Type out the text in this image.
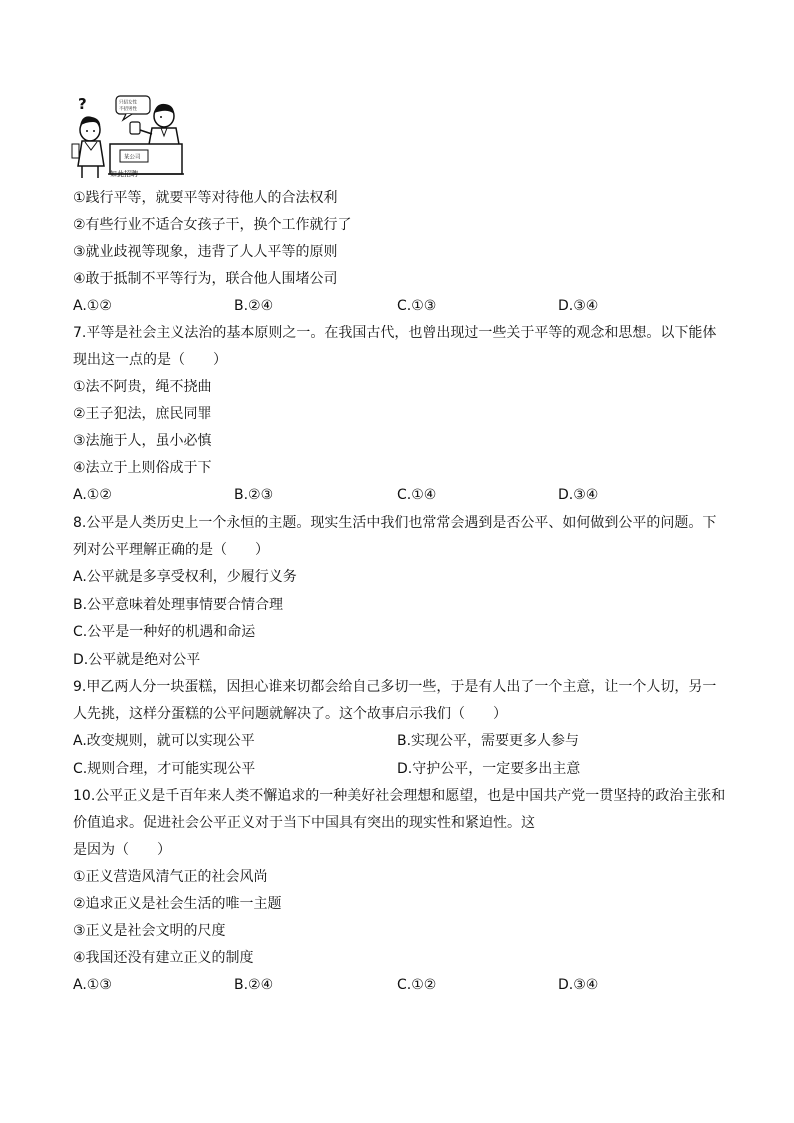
?	只招女性
不招男性
某公司
如此招聘
①践行平等，就要平等对待他人的合法权利
②有些行业不适合女孩子干，换个工作就行了
③就业歧视等现象，违背了人人平等的原则
④敢于抵制不平等行为，联合他人围堵公司
A.①②	B.②④	C.①③	D.③④
7.平等是社会主义法治的基本原则之一。在我国古代，也曾出现过一些关于平等的观念和思想。以下能体
现出这一点的是（　　）
①法不阿贵，绳不挠曲
②王子犯法，庶民同罪
③法施于人，虽小必慎
④法立于上则俗成于下
A.①②	B.②③	C.①④	D.③④
8.公平是人类历史上一个永恒的主题。现实生活中我们也常常会遇到是否公平、如何做到公平的问题。下
列对公平理解正确的是（　　）
A.公平就是多享受权利，少履行义务
B.公平意味着处理事情要合情合理
C.公平是一种好的机遇和命运
D.公平就是绝对公平
9.甲乙两人分一块蛋糕，因担心谁来切都会给自己多切一些，于是有人出了一个主意，让一个人切，另一
人先挑，这样分蛋糕的公平问题就解决了。这个故事启示我们（　　）
A.改变规则，就可以实现公平	B.实现公平，需要更多人参与
C.规则合理，才可能实现公平	D.守护公平，一定要多出主意
10.公平正义是千百年来人类不懈追求的一种美好社会理想和愿望，也是中国共产党一贯坚持的政治主张和
价值追求。促进社会公平正义对于当下中国具有突出的现实性和紧迫性。这
是因为（　　）
①正义营造风清气正的社会风尚
②追求正义是社会生活的唯一主题
③正义是社会文明的尺度
④我国还没有建立正义的制度
A.①③	B.②④	C.①②	D.③④
